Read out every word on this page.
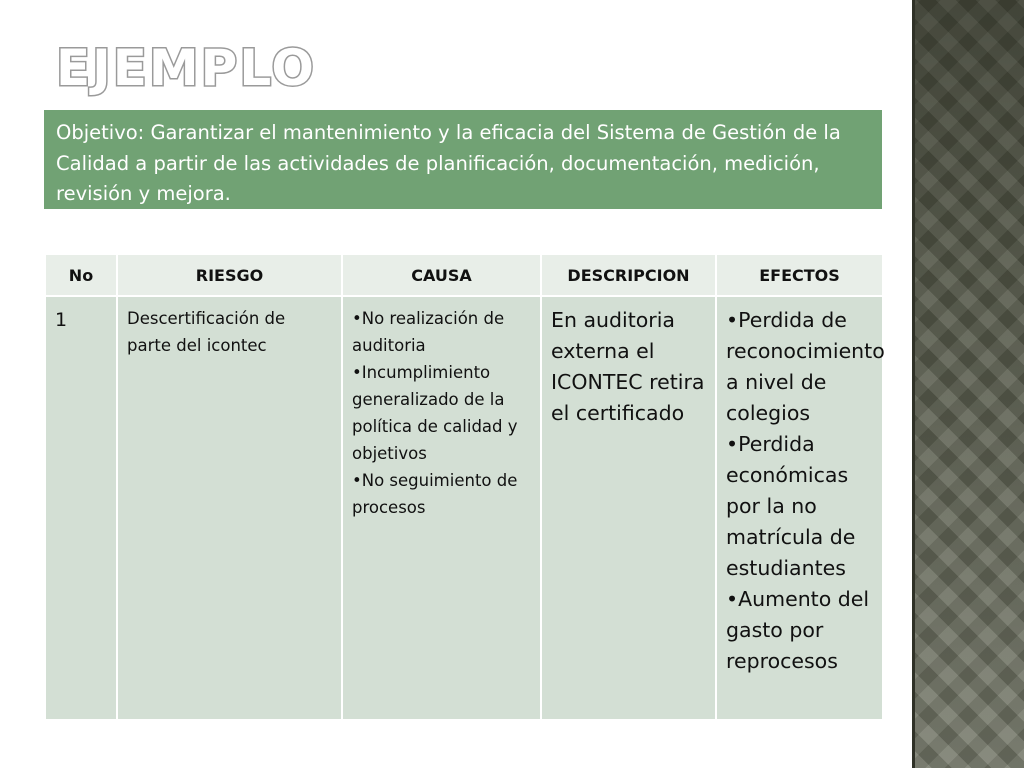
EJEMPLO
Objetivo: Garantizar el mantenimiento y la eficacia del Sistema de Gestión de la Calidad a partir de las actividades de planificación, documentación, medición, revisión y mejora.
No	RIESGO	CAUSA	DESCRIPCION	EFECTOS
1	Descertificación de parte del icontec	•No realización de auditoria
•Incumplimiento generalizado de la política de calidad y objetivos
•No seguimiento de procesos	En auditoria externa el ICONTEC retira el certificado	•Perdida de reconocimiento a nivel de colegios
•Perdida económicas por la no matrícula de estudiantes
•Aumento del gasto por reprocesos
